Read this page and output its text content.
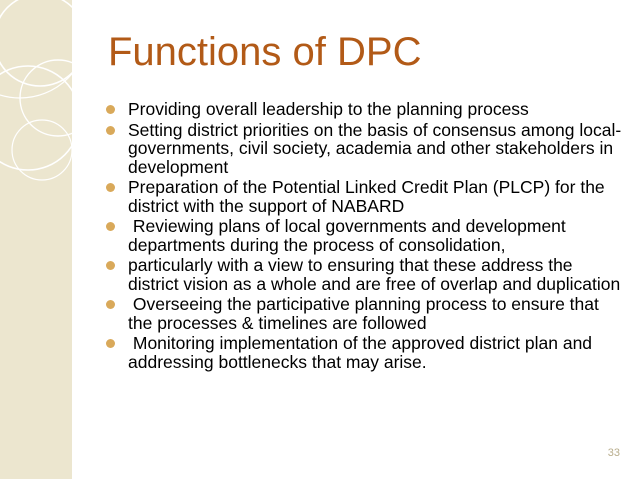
Functions of DPC
Providing overall leadership to the planning process
Setting district priorities on the basis of consensus among local-governments, civil society, academia and other stakeholders in development
Preparation of the Potential Linked Credit Plan (PLCP) for the district with the support of NABARD
Reviewing plans of local governments and development departments during the process of consolidation,
particularly with a view to ensuring that these address the district vision as a whole and are free of overlap and duplication
Overseeing the participative planning process to ensure that the processes & timelines are followed
Monitoring implementation of the approved district plan and addressing bottlenecks that may arise.
33
